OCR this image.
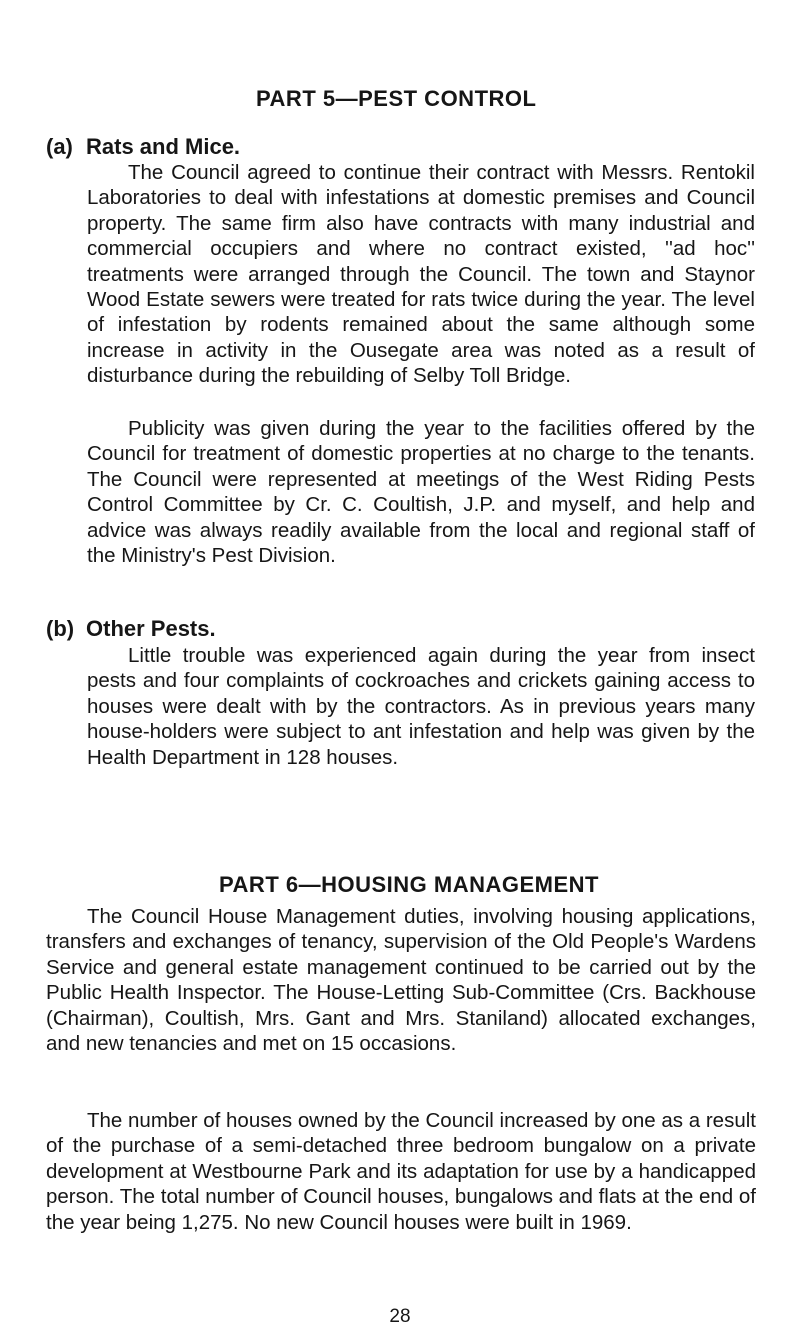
PART 5—PEST CONTROL
(a) Rats and Mice.

The Council agreed to continue their contract with Messrs. Rentokil Laboratories to deal with infestations at domestic premises and Council property. The same firm also have contracts with many industrial and commercial occupiers and where no contract existed, ''ad hoc'' treatments were arranged through the Council. The town and Staynor Wood Estate sewers were treated for rats twice during the year. The level of infestation by rodents remained about the same although some increase in activity in the Ousegate area was noted as a result of disturbance during the rebuilding of Selby Toll Bridge.

Publicity was given during the year to the facilities offered by the Council for treatment of domestic properties at no charge to the tenants. The Council were represented at meetings of the West Riding Pests Control Committee by Cr. C. Coultish, J.P. and myself, and help and advice was always readily available from the local and regional staff of the Ministry's Pest Division.

(b) Other Pests.

Little trouble was experienced again during the year from insect pests and four complaints of cockroaches and crickets gaining access to houses were dealt with by the contractors. As in previous years many house-holders were subject to ant infestation and help was given by the Health Department in 128 houses.

PART 6—HOUSING MANAGEMENT

The Council House Management duties, involving housing applications, transfers and exchanges of tenancy, supervision of the Old People's Wardens Service and general estate management continued to be carried out by the Public Health Inspector. The House-Letting Sub-Committee (Crs. Backhouse (Chairman), Coultish, Mrs. Gant and Mrs. Staniland) allocated exchanges, and new tenancies and met on 15 occasions.

The number of houses owned by the Council increased by one as a result of the purchase of a semi-detached three bedroom bungalow on a private development at Westbourne Park and its adaptation for use by a handicapped person. The total number of Council houses, bungalows and flats at the end of the year being 1,275. No new Council houses were built in 1969.

28
